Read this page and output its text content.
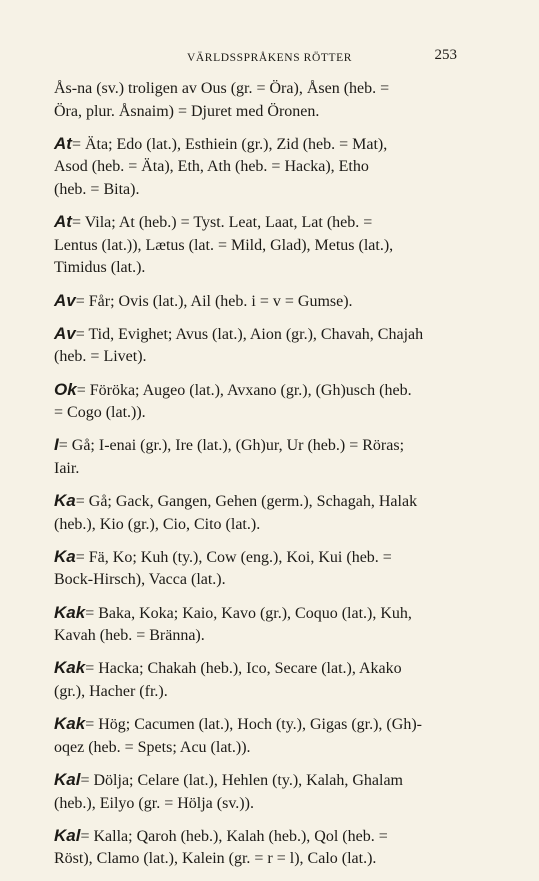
VÄRLDSSPRÅKENS RÖTTER	253
Ås-na (sv.) troligen av Ous (gr. = Öra), Åsen (heb. =
Öra, plur. Åsnaim) = Djuret med Öronen.
At= Äta; Edo (lat.), Esthiein (gr.), Zid (heb. = Mat),
Asod (heb. = Äta), Eth, Ath (heb. = Hacka), Etho
(heb. = Bita).
At= Vila; At (heb.) = Tyst. Leat, Laat, Lat (heb. =
Lentus (lat.)), Lætus (lat. = Mild, Glad), Metus (lat.),
Timidus (lat.).
Av= Får; Ovis (lat.), Ail (heb. i = v = Gumse).
Av= Tid, Evighet; Avus (lat.), Aion (gr.), Chavah, Chajah
(heb. = Livet).
Ok= Föröka; Augeo (lat.), Avxano (gr.), (Gh)usch (heb.
= Cogo (lat.)).
I= Gå; I-enai (gr.), Ire (lat.), (Gh)ur, Ur (heb.) = Röras;
Iair.
Ka= Gå; Gack, Gangen, Gehen (germ.), Schagah, Halak
(heb.), Kio (gr.), Cio, Cito (lat.).
Ka= Fä, Ko; Kuh (ty.), Cow (eng.), Koi, Kui (heb. =
Bock-Hirsch), Vacca (lat.).
Kak= Baka, Koka; Kaio, Kavo (gr.), Coquo (lat.), Kuh,
Kavah (heb. = Bränna).
Kak= Hacka; Chakah (heb.), Ico, Secare (lat.), Akako
(gr.), Hacher (fr.).
Kak= Hög; Cacumen (lat.), Hoch (ty.), Gigas (gr.), (Gh)-
oqez (heb. = Spets; Acu (lat.)).
Kal= Dölja; Celare (lat.), Hehlen (ty.), Kalah, Ghalam
(heb.), Eilyo (gr. = Hölja (sv.)).
Kal= Kalla; Qaroh (heb.), Kalah (heb.), Qol (heb. =
Röst), Clamo (lat.), Kalein (gr. = r = l), Calo (lat.).
